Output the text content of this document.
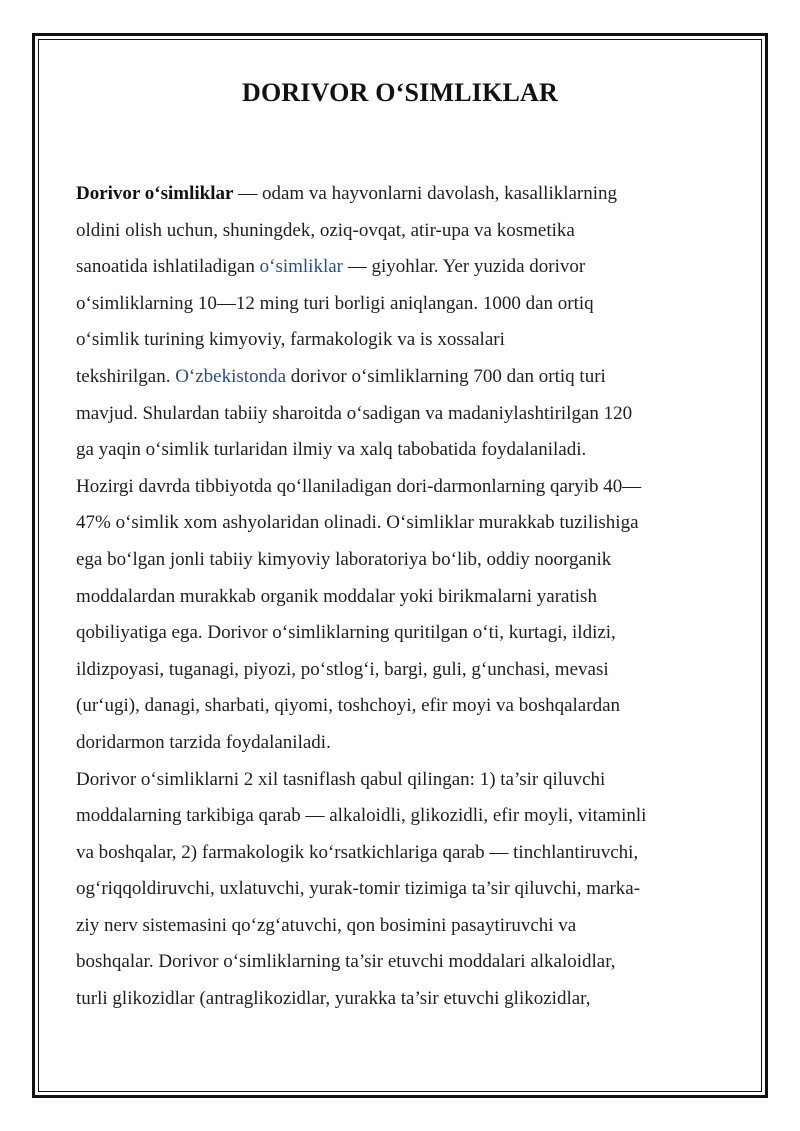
DORIVOR O‘SIMLIKLAR

Dorivor o‘simliklar — odam va hayvonlarni davolash, kasalliklarning
oldini olish uchun, shuningdek, oziq-ovqat, atir-upa va kosmetika
sanoatida ishlatiladigan o‘simliklar — giyohlar. Yer yuzida dorivor
o‘simliklarning 10—12 ming turi borligi aniqlangan. 1000 dan ortiq
o‘simlik turining kimyoviy, farmakologik va is xossalari
tekshirilgan. O‘zbekistonda dorivor o‘simliklarning 700 dan ortiq turi
mavjud. Shulardan tabiiy sharoitda o‘sadigan va madaniylashtirilgan 120
ga yaqin o‘simlik turlaridan ilmiy va xalq tabobatida foydalaniladi.
Hozirgi davrda tibbiyotda qo‘llaniladigan dori-darmonlarning qaryib 40—
47% o‘simlik xom ashyolaridan olinadi. O‘simliklar murakkab tuzilishiga
ega bo‘lgan jonli tabiiy kimyoviy laboratoriya bo‘lib, oddiy noorganik
moddalardan murakkab organik moddalar yoki birikmalarni yaratish
qobiliyatiga ega. Dorivor o‘simliklarning quritilgan o‘ti, kurtagi, ildizi,
ildizpoyasi, tuganagi, piyozi, po‘stlog‘i, bargi, guli, g‘unchasi, mevasi
(ur‘ugi), danagi, sharbati, qiyomi, toshchoyi, efir moyi va boshqalardan
doridarmon tarzida foydalaniladi.

Dorivor o‘simliklarni 2 xil tasniflash qabul qilingan: 1) ta’sir qiluvchi
moddalarning tarkibiga qarab — alkaloidli, glikozidli, efir moyli, vitaminli
va boshqalar, 2) farmakologik ko‘rsatkichlariga qarab — tinchlantiruvchi,
og‘riqqoldiruvchi, uxlatuvchi, yurak-tomir tizimiga ta’sir qiluvchi, marka-
ziy nerv sistemasini qo‘zg‘atuvchi, qon bosimini pasaytiruvchi va
boshqalar. Dorivor o‘simliklarning ta’sir etuvchi moddalari alkaloidlar,
turli glikozidlar (antraglikozidlar, yurakka ta’sir etuvchi glikozidlar,
